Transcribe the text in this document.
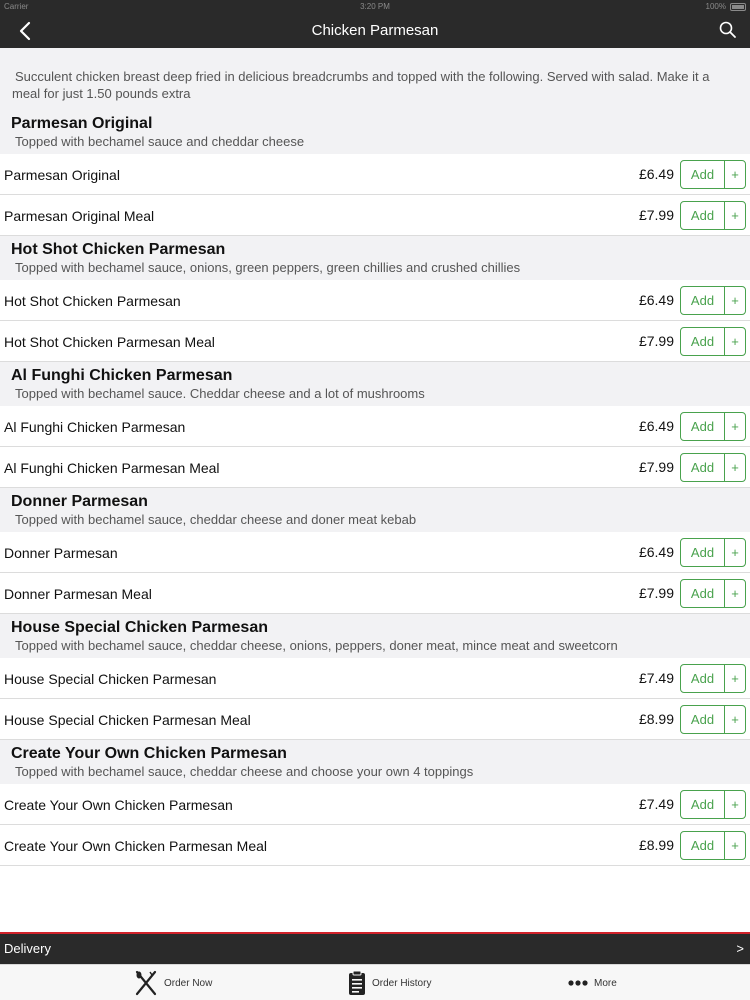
Carrier	3:20 PM	100%
Chicken Parmesan
Succulent chicken breast deep fried in delicious breadcrumbs and topped with the following. Served with salad. Make it a meal for just 1.50 pounds extra
Parmesan Original
Topped with bechamel sauce and cheddar cheese
Parmesan Original	£6.49	Add	+
Parmesan Original Meal	£7.99	Add	+
Hot Shot Chicken Parmesan
Topped with bechamel sauce, onions, green peppers, green chillies and crushed chillies
Hot Shot Chicken Parmesan	£6.49	Add	+
Hot Shot Chicken Parmesan Meal	£7.99	Add	+
Al Funghi Chicken Parmesan
Topped with bechamel sauce. Cheddar cheese and a lot of mushrooms
Al Funghi Chicken Parmesan	£6.49	Add	+
Al Funghi Chicken Parmesan Meal	£7.99	Add	+
Donner Parmesan
Topped with bechamel sauce, cheddar cheese and doner meat kebab
Donner Parmesan	£6.49	Add	+
Donner Parmesan Meal	£7.99	Add	+
House Special Chicken Parmesan
Topped with bechamel sauce, cheddar cheese, onions, peppers, doner meat, mince meat and sweetcorn
House Special Chicken Parmesan	£7.49	Add	+
House Special Chicken Parmesan Meal	£8.99	Add	+
Create Your Own Chicken Parmesan
Topped with bechamel sauce, cheddar cheese and choose your own 4 toppings
Create Your Own Chicken Parmesan	£7.49	Add	+
Create Your Own Chicken Parmesan Meal	£8.99	Add	+
Delivery	>
Order Now	Order History	More
